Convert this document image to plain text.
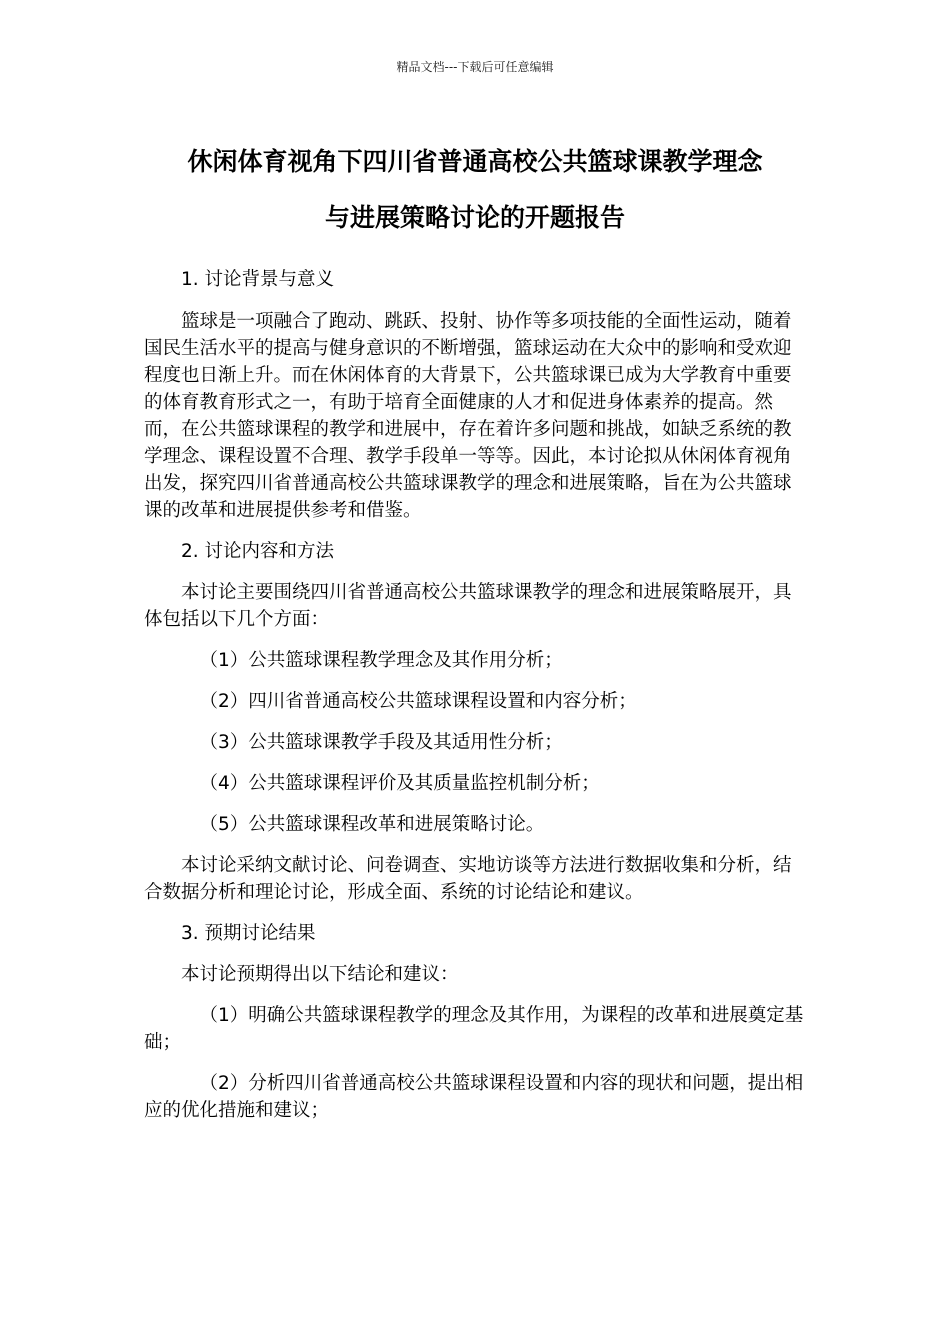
精品文档---下载后可任意编辑
休闲体育视角下四川省普通高校公共篮球课教学理念
与进展策略讨论的开题报告

1. 讨论背景与意义

篮球是一项融合了跑动、跳跃、投射、协作等多项技能的全面性运动，随着国民生活水平的提高与健身意识的不断增强，篮球运动在大众中的影响和受欢迎程度也日渐上升。而在休闲体育的大背景下，公共篮球课已成为大学教育中重要的体育教育形式之一，有助于培育全面健康的人才和促进身体素养的提高。然而，在公共篮球课程的教学和进展中，存在着许多问题和挑战，如缺乏系统的教学理念、课程设置不合理、教学手段单一等等。因此，本讨论拟从休闲体育视角出发，探究四川省普通高校公共篮球课教学的理念和进展策略，旨在为公共篮球课的改革和进展提供参考和借鉴。

2. 讨论内容和方法

本讨论主要围绕四川省普通高校公共篮球课教学的理念和进展策略展开，具体包括以下几个方面：

（1）公共篮球课程教学理念及其作用分析；

（2）四川省普通高校公共篮球课程设置和内容分析；

（3）公共篮球课教学手段及其适用性分析；

（4）公共篮球课程评价及其质量监控机制分析；

（5）公共篮球课程改革和进展策略讨论。

本讨论采纳文献讨论、问卷调查、实地访谈等方法进行数据收集和分析，结合数据分析和理论讨论，形成全面、系统的讨论结论和建议。

3. 预期讨论结果

本讨论预期得出以下结论和建议：

（1）明确公共篮球课程教学的理念及其作用，为课程的改革和进展奠定基础；

（2）分析四川省普通高校公共篮球课程设置和内容的现状和问题，提出相应的优化措施和建议；
